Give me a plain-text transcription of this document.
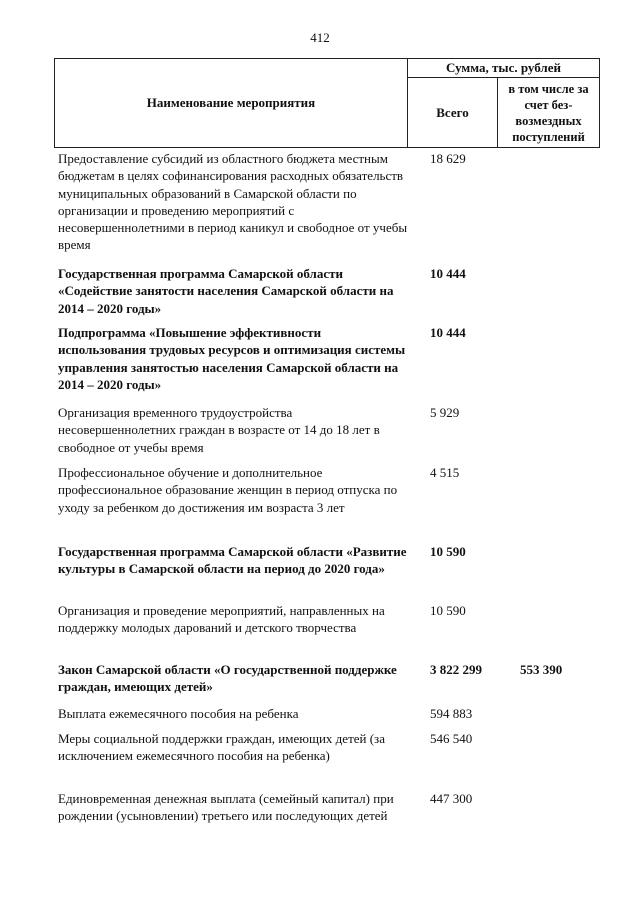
412
Наименование мероприятия
Сумма, тыс. рублей
Всего
в том числе за счет без-возмездных поступлений
Предоставление субсидий из областного бюджета местным бюджетам в целях софинансирования расходных обязательств муниципальных образований в Самарской области по организации и проведению мероприятий с несовершеннолетними в период каникул и свободное от учебы время
18 629
Государственная программа Самарской области «Содействие занятости населения Самарской области на 2014 – 2020 годы»
10 444
Подпрограмма «Повышение эффективности использования трудовых ресурсов и оптимизация системы управления занятостью населения Самарской области на 2014 – 2020 годы»
10 444
Организация временного трудоустройства несовершеннолетних граждан в возрасте от 14 до 18 лет в свободное от учебы время
5 929
Профессиональное обучение и дополнительное профессиональное образование женщин в период отпуска по уходу за ребенком до достижения им возраста 3 лет
4 515
Государственная программа Самарской области «Развитие культуры в Самарской области на период до 2020 года»
10 590
Организация и проведение мероприятий, направленных на поддержку молодых дарований и детского творчества
10 590
Закон Самарской области «О государственной поддержке граждан, имеющих детей»
3 822 299	553 390
Выплата ежемесячного пособия на ребенка	594 883
Меры социальной поддержки граждан, имеющих детей (за исключением ежемесячного пособия на ребенка)
546 540
Единовременная денежная выплата (семейный капитал) при рождении (усыновлении) третьего или последующих детей
447 300
